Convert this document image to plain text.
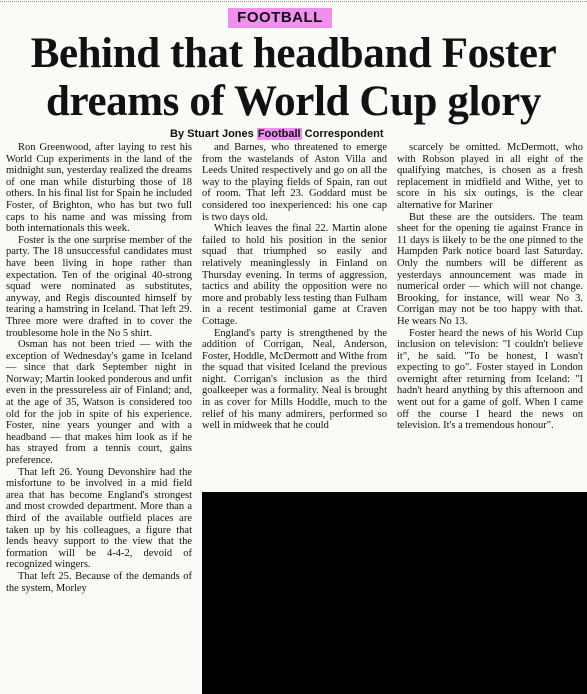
FOOTBALL
Behind that headband Foster
dreams of World Cup glory
By Stuart Jones Football Correspondent

Ron Greenwood, after laying to rest his World Cup experiments in the land of the midnight sun, yesterday realized the dreams of one man while disturbing those of 18 others. In his final list for Spain he included Foster, of Brighton, who has but two full caps to his name and was missing from both internationals this week.

Foster is the one surprise member of the party. The 18 unsuccessful candidates must have been living in hope rather than expectation. Ten of the original 40-strong squad were nominated as substitutes, anyway, and Regis discounted himself by tearing a hamstring in Iceland. That left 29. Three more were drafted in to cover the troublesome hole in the No 5 shirt.

Osman has not been tried — with the exception of Wednesday's game in Iceland — since that dark September night in Norway; Martin looked ponderous and unfit even in the pressureless air of Finland; and, at the age of 35, Watson is considered too old for the job in spite of his experience. Foster, nine years younger and with a headband — that makes him look as if he has strayed from a tennis court, gains preference.

That left 26. Young Devonshire had the misfortune to be involved in a mid field area that has become England's strongest and most crowded department. More than a third of the available outfield places are taken up by his colleagues, a figure that lends heavy support to the view that the formation will be 4-4-2, devoid of recognized wingers.

That left 25. Because of the demands of the system, Morley

and Barnes, who threatened to emerge from the wastelands of Aston Villa and Leeds United respectively and go on all the way to the playing fields of Spain, ran out of room. That left 23. Goddard must be considered too inexperienced: his one cap is two days old.

Which leaves the final 22. Martin alone failed to hold his position in the senior squad that triumphed so easily and relatively meaninglessly in Finland on Thursday evening. In terms of aggression, tactics and ability the opposition were no more and probably less testing than Fulham in a recent testimonial game at Craven Cottage.

England's party is strengthened by the addition of Corrigan, Neal, Anderson, Foster, Hoddle, McDermott and Withe from the squad that visited Iceland the previous night. Corrigan's inclusion as the third goalkeeper was a formality. Neal is brought in as cover for Mills Hoddle, much to the relief of his many admirers, performed so well in midweek that he could

scarcely be omitted. McDermott, who with Robson played in all eight of the qualifying matches, is chosen as a fresh replacement in midfield and Withe, yet to score in his six outings, is the clear alternative for Mariner

But these are the outsiders. The team sheet for the opening tie against France in 11 days is likely to be the one pinned to the Hampden Park notice board last Saturday. Only the numbers will be different as yesterdays announcement was made in numerical order — which will not change. Brooking, for instance, will wear No 3. Corrigan may not be too happy with that. He wears No 13.

Foster heard the news of his World Cup inclusion on television: "I couldn't believe it", he said. "To be honest, I wasn't expecting to go". Foster stayed in London overnight after returning from Iceland: "I hadn't heard anything by this afternoon and went out for a game of golf. When I came off the course I heard the news on television. It's a tremendous honour".
